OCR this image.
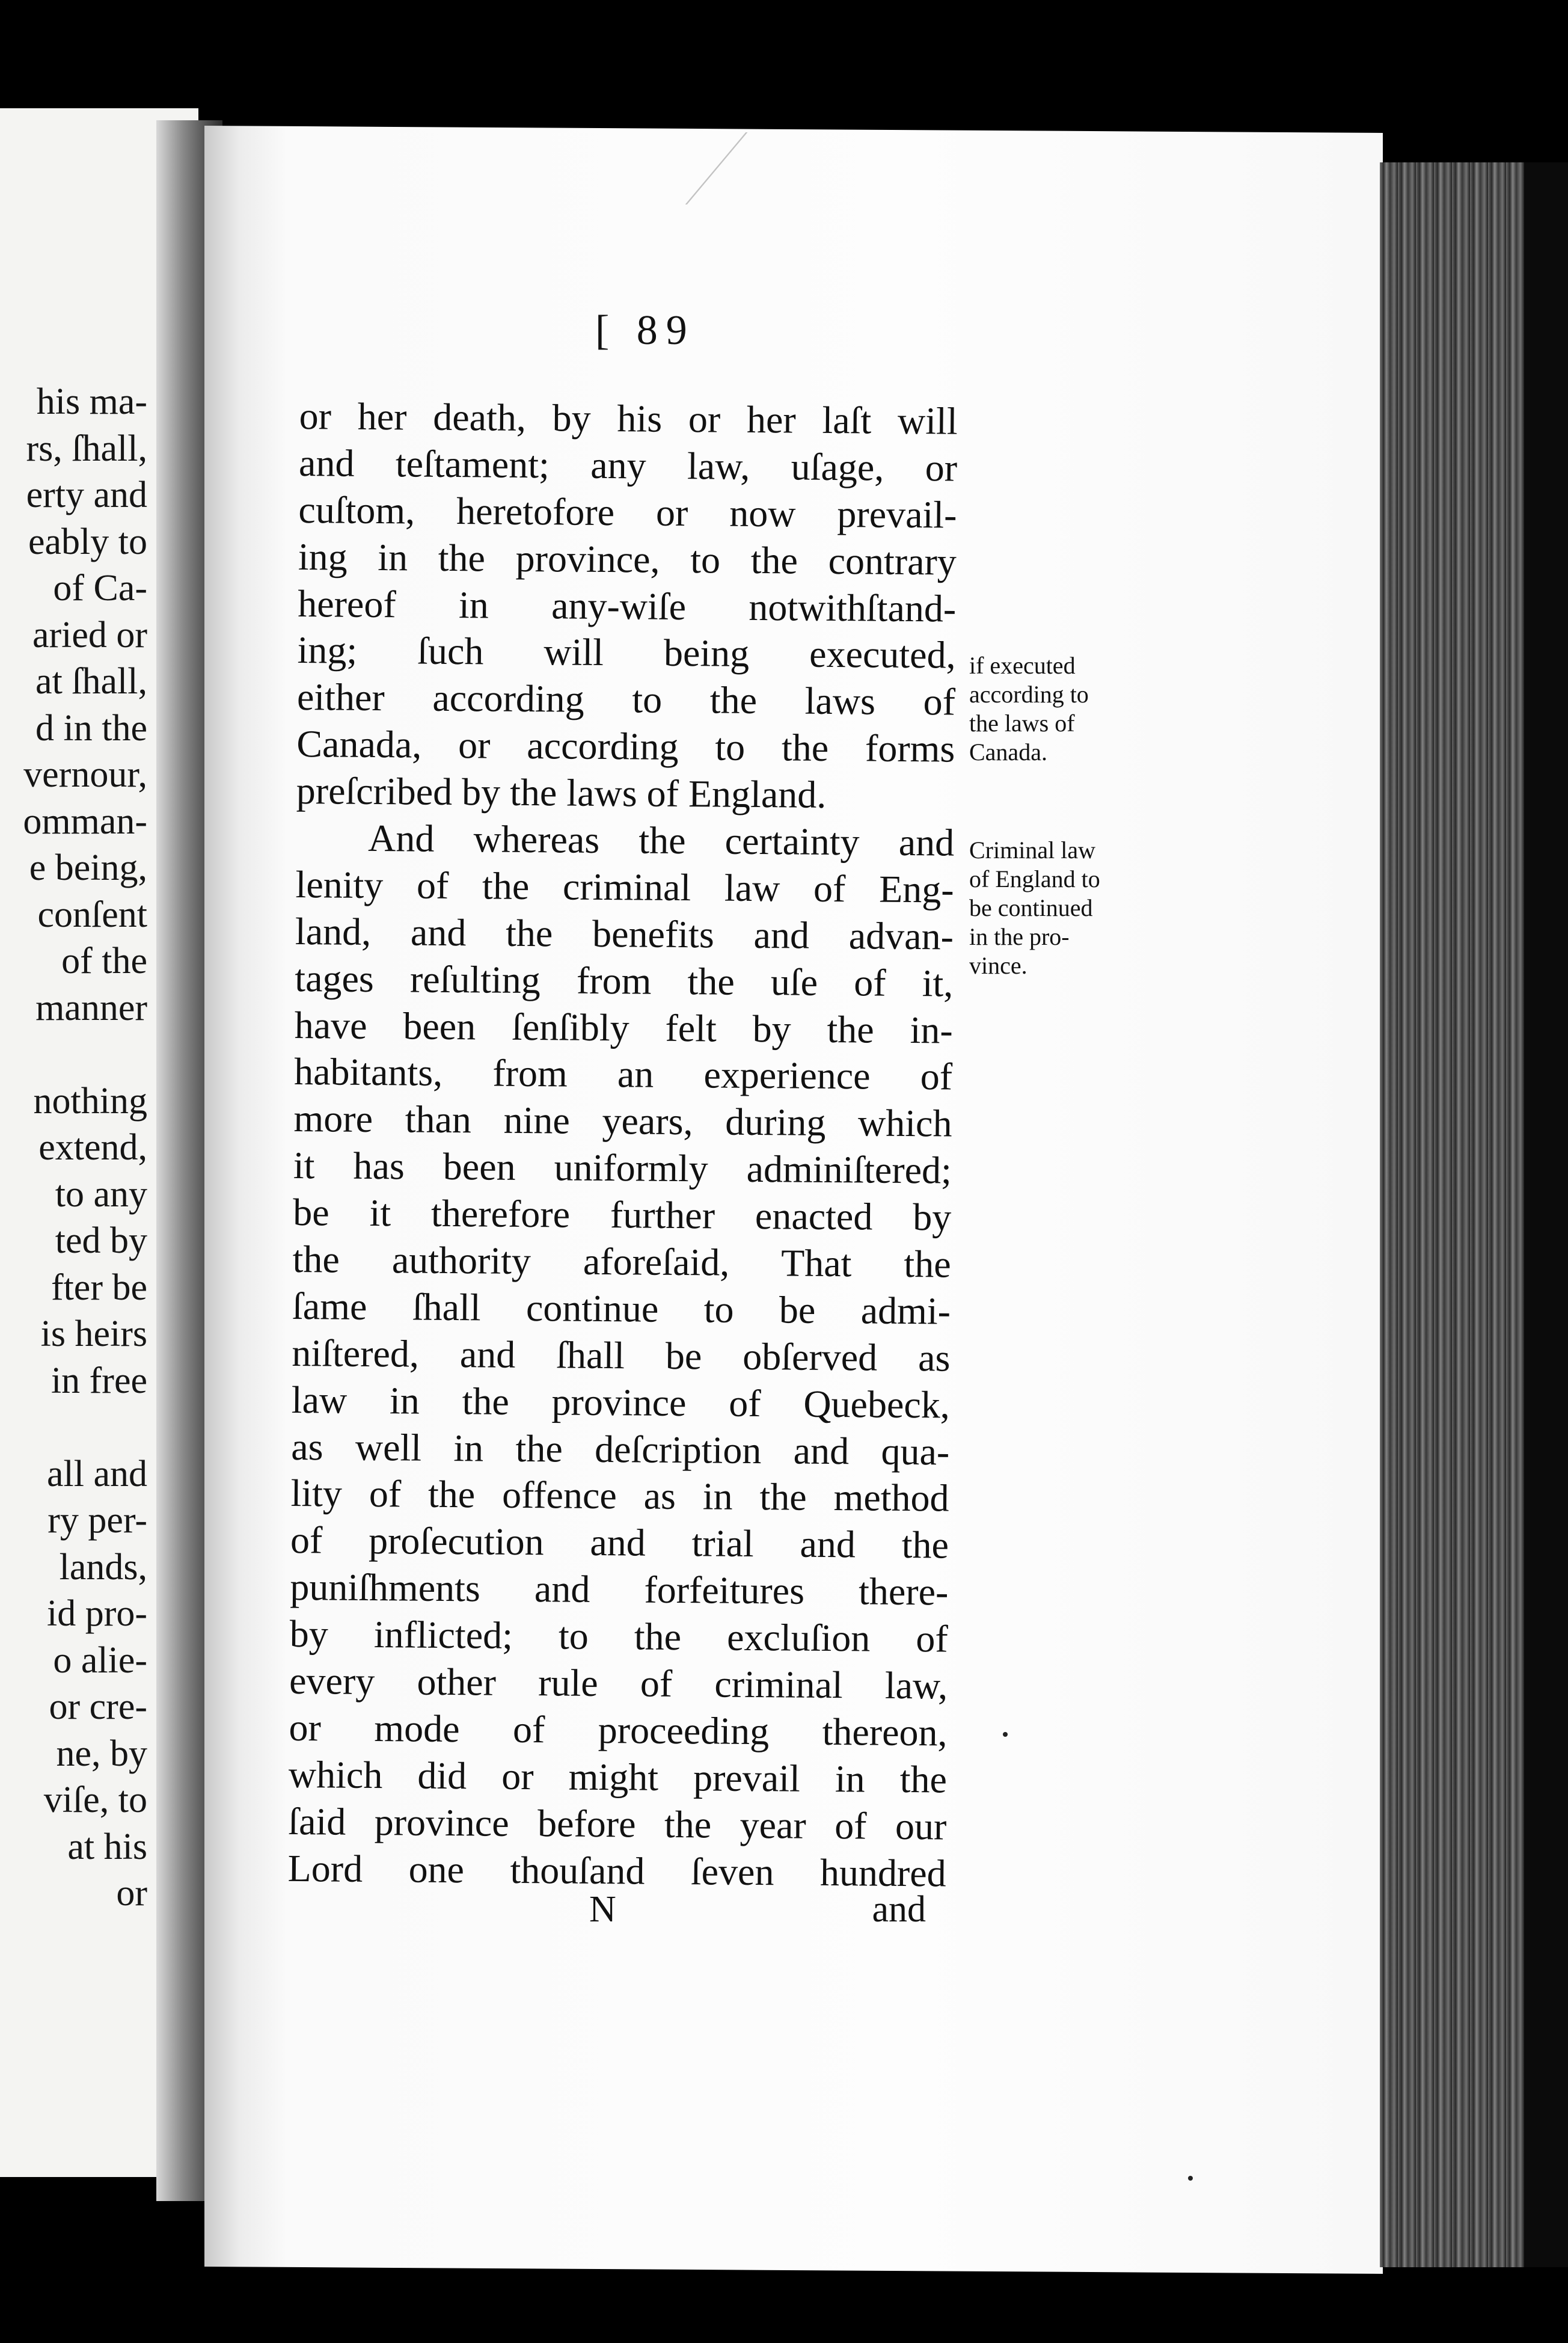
his ma-
rs, ſhall,
erty and
eably to
of Ca-
aried or
at ſhall,
d in the
vernour,
omman-
e being,
conſent
of the
manner
nothing
extend,
to any
ted by
fter be
is heirs
in free
all and
ry per-
lands,
id pro-
o alie-
or cre-
ne, by
viſe, to
at his
or
[ 89
or her death, by his or her laſt will
and teſtament; any law, uſage, or
cuſtom, heretofore or now prevail-
ing in the province, to the contrary
hereof in any-wiſe notwithſtand-
ing; ſuch will being executed,
either according to the laws of
Canada, or according to the forms
preſcribed by the laws of England.
And whereas the certainty and
lenity of the criminal law of Eng-
land, and the benefits and advan-
tages reſulting from the uſe of it,
have been ſenſibly felt by the in-
habitants, from an experience of
more than nine years, during which
it has been uniformly adminiſtered;
be it therefore further enacted by
the authority aforeſaid, That the
ſame ſhall continue to be admi-
niſtered, and ſhall be obſerved as
law in the province of Quebeck,
as well in the deſcription and qua-
lity of the offence as in the method
of proſecution and trial and the
puniſhments and forfeitures there-
by inflicted; to the excluſion of
every other rule of criminal law,
or mode of proceeding thereon,
which did or might prevail in the
ſaid province before the year of our
Lord one thouſand ſeven hundred
N	and
if executed
according to
the laws of
Canada.
Criminal law
of England to
be continued
in the pro-
vince.
